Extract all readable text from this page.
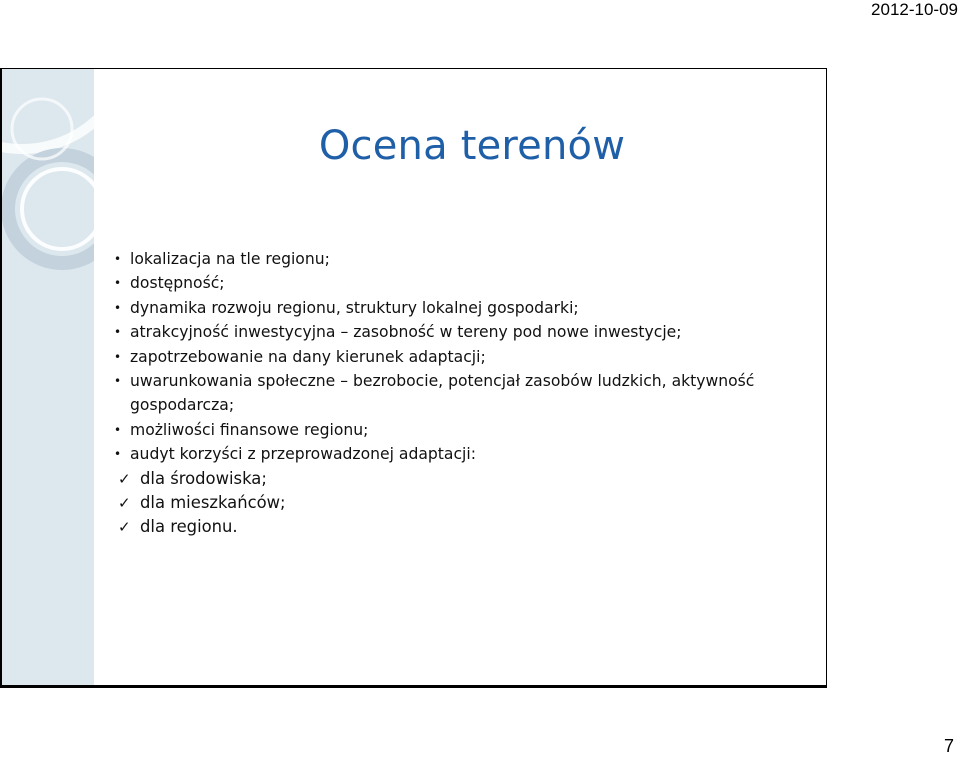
2012-10-09
Ocena terenów
• lokalizacja na tle regionu;
• dostępność;
• dynamika rozwoju regionu, struktury lokalnej gospodarki;
• atrakcyjność inwestycyjna – zasobność w tereny pod nowe inwestycje;
• zapotrzebowanie na dany kierunek adaptacji;
• uwarunkowania społeczne – bezrobocie, potencjał zasobów ludzkich, aktywność gospodarcza;
• możliwości finansowe regionu;
• audyt korzyści z przeprowadzonej adaptacji:
✓ dla środowiska;
✓ dla mieszkańców;
✓ dla regionu.
7
